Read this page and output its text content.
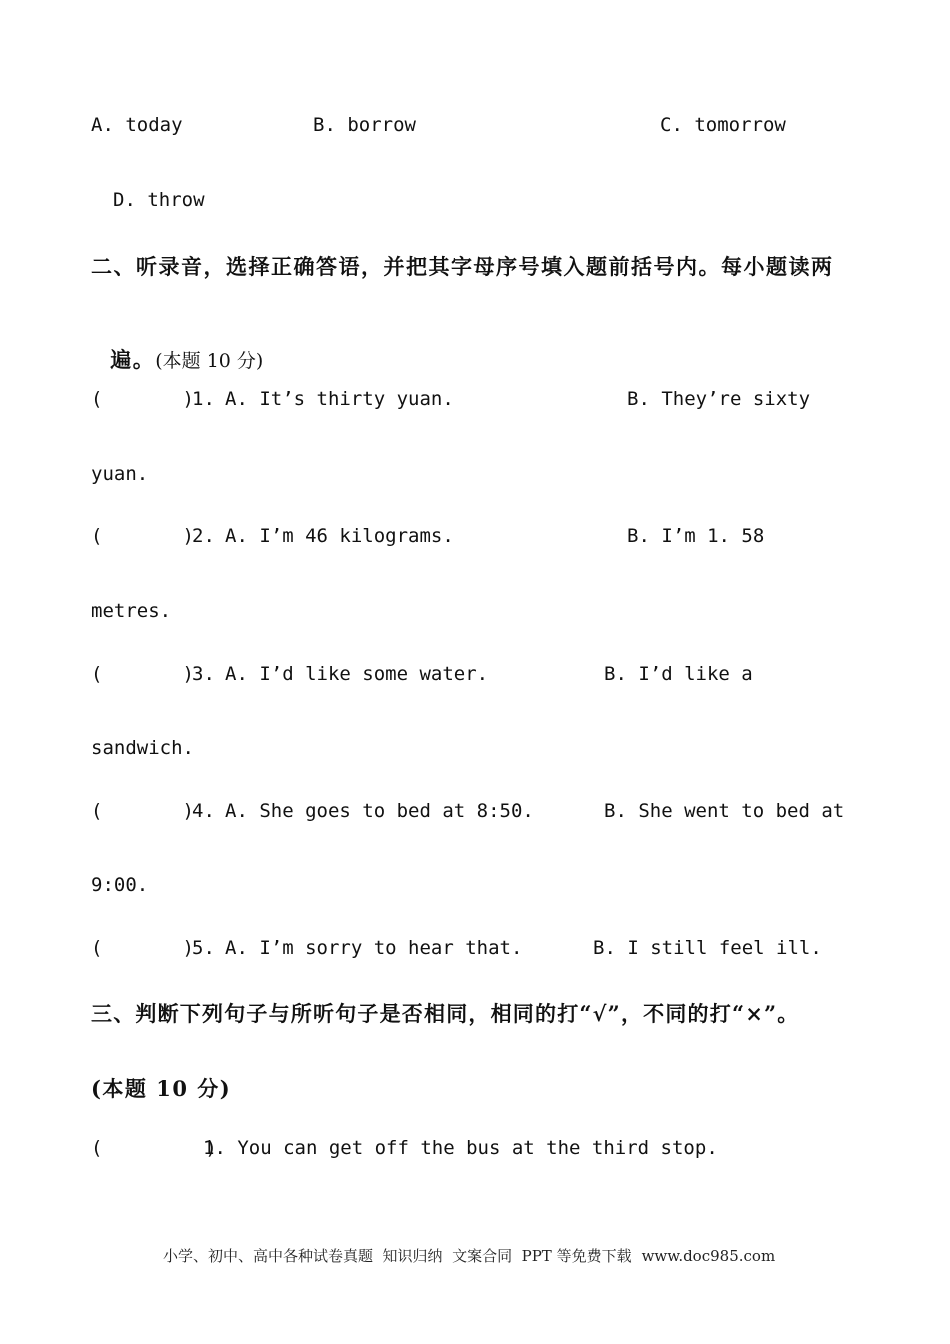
A. today	B. borrow	C. tomorrow
D. throw
二、听录音，选择正确答语，并把其字母序号填入题前括号内。每小题读两

遍。(本题 10 分)

(       )
1. A. It’s thirty yuan.	B. They’re sixty
yuan.
(       )
2. A. I’m 46 kilograms.	B. I’m 1. 58
metres.
(       )
3. A. I’d like some water.	B. I’d like a
sandwich.
(       )
4. A. She goes to bed at 8:50.	B. She went to bed at
9:00.
(       )
5. A. I’m sorry to hear that.	B. I still feel ill.
三、判断下列句子与所听句子是否相同，相同的打“√”，不同的打“×”。
(本题 10 分)
(         )
1. You can get off the bus at the third stop.
小学、初中、高中各种试卷真题  知识归纳  文案合同  PPT 等免费下载 www.doc985.com
